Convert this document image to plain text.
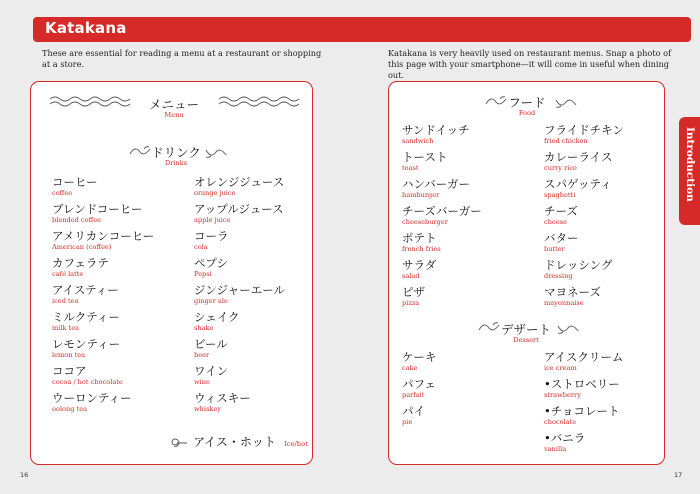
Katakana

These are essential for reading a menu at a restaurant or shopping at a store.

Katakana is very heavily used on restaurant menus. Snap a photo of this page with your smartphone—it will come in useful when dining out.

Introduction
メニュー
Menu
ドリンク
Drinks
コーヒー
coffee
ブレンドコーヒー
blended coffee
アメリカンコーヒー
American (coffee)
カフェラテ
café latte
アイスティー
iced tea
ミルクティー
milk tea
レモンティー
lemon tea
ココア
cocoa / hot chocolate
ウーロンティー
oolong tea
オレンジジュース
orange juice
アップルジュース
apple juice
コーラ
cola
ペプシ
Pepsi
ジンジャーエール
ginger ale
シェイク
shake
ビール
beer
ワイン
wine
ウィスキー
whiskey
アイス・ホット Ice/hot
フード
Food
サンドイッチ
sandwich
トースト
toast
ハンバーガー
hamburger
チーズバーガー
cheeseburger
ポテト
french fries
サラダ
salad
ピザ
pizza
フライドチキン
fried chicken
カレーライス
curry rice
スパゲッティ
spaghetti
チーズ
cheese
バター
butter
ドレッシング
dressing
マヨネーズ
mayonnaise
デザート
Dessert
ケーキ
cake
パフェ
parfait
パイ
pie
アイスクリーム
ice cream
•ストロベリー
strawberry
•チョコレート
chocolate
•バニラ
vanilla
16	17
